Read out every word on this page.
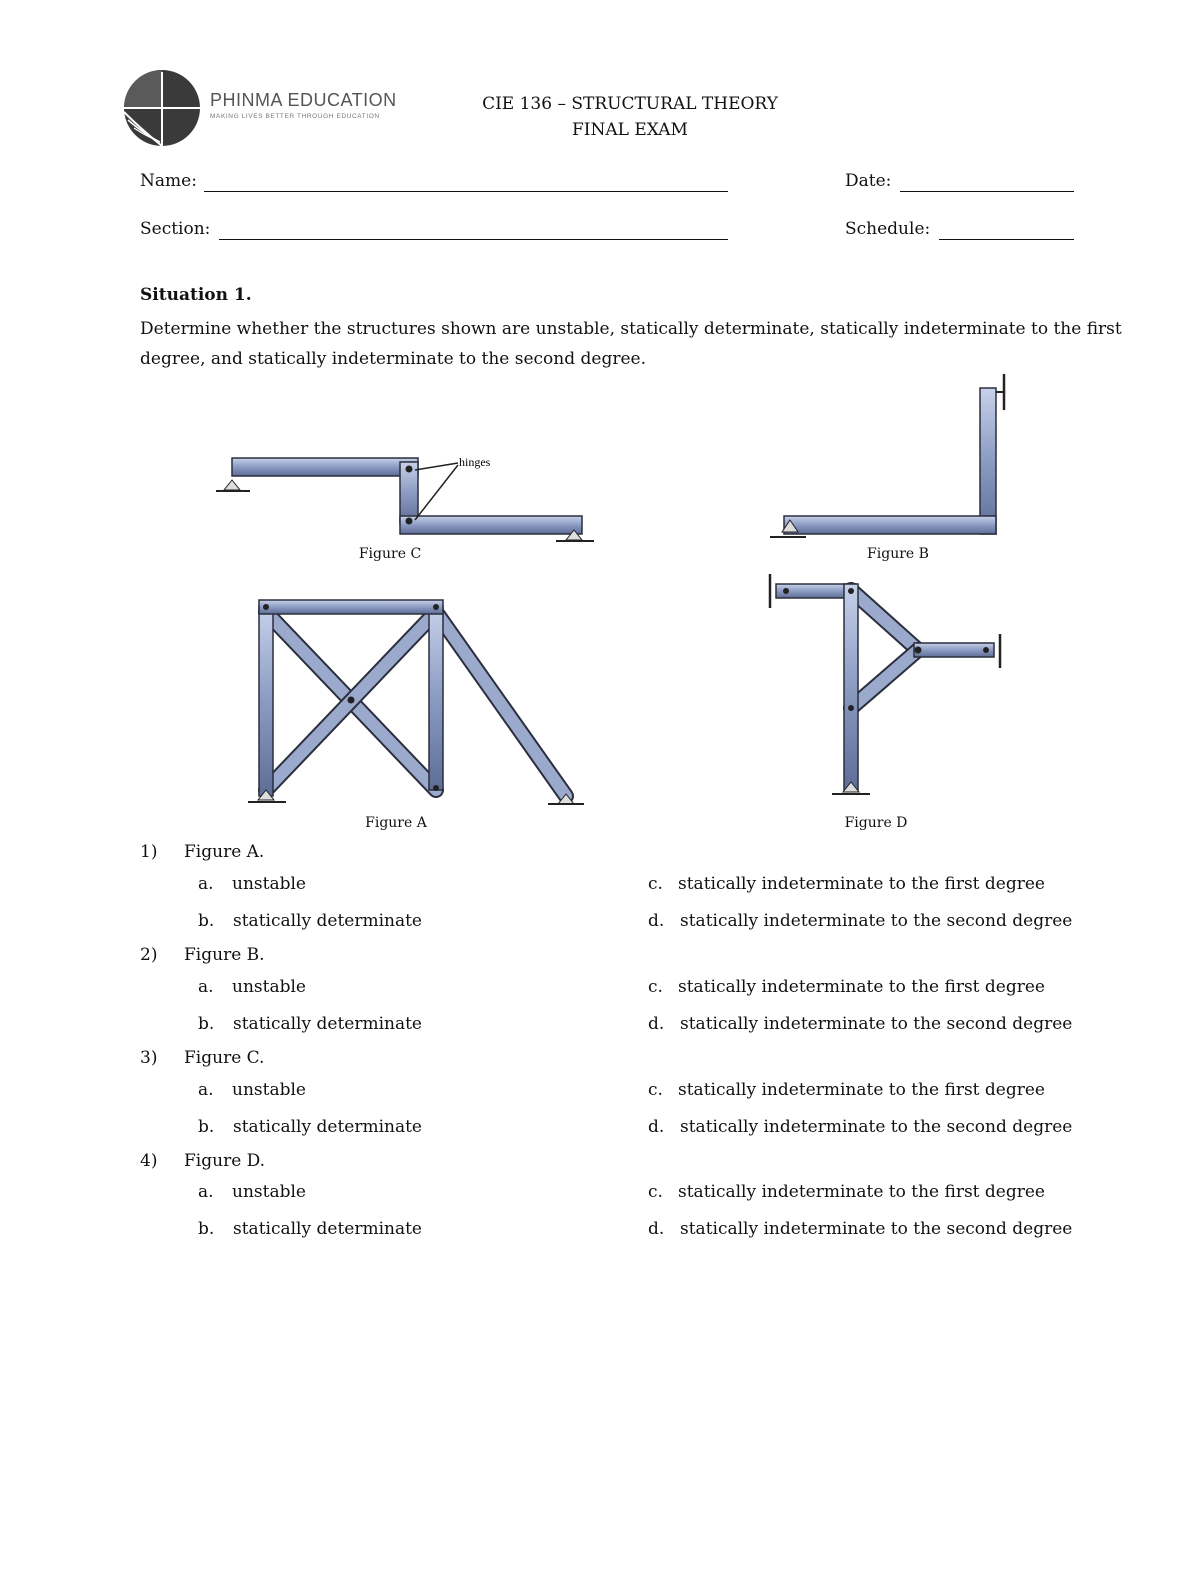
PHINMA EDUCATION
MAKING LIVES BETTER THROUGH EDUCATION
CIE 136 – STRUCTURAL THEORY
FINAL EXAM
Name:	Date:
Section:	Schedule:
Situation 1.
Determine whether the structures shown are unstable, statically determinate, statically indeterminate to the first degree, and statically indeterminate to the second degree.
hinges
Figure C	Figure B
Figure A	Figure D
1) Figure A.
a. unstable
b. statically determinate
c. statically indeterminate to the first degree
d. statically indeterminate to the second degree
2) Figure B.
a. unstable
b. statically determinate
c. statically indeterminate to the first degree
d. statically indeterminate to the second degree
3) Figure C.
a. unstable
b. statically determinate
c. statically indeterminate to the first degree
d. statically indeterminate to the second degree
4) Figure D.
a. unstable
b. statically determinate
c. statically indeterminate to the first degree
d. statically indeterminate to the second degree
